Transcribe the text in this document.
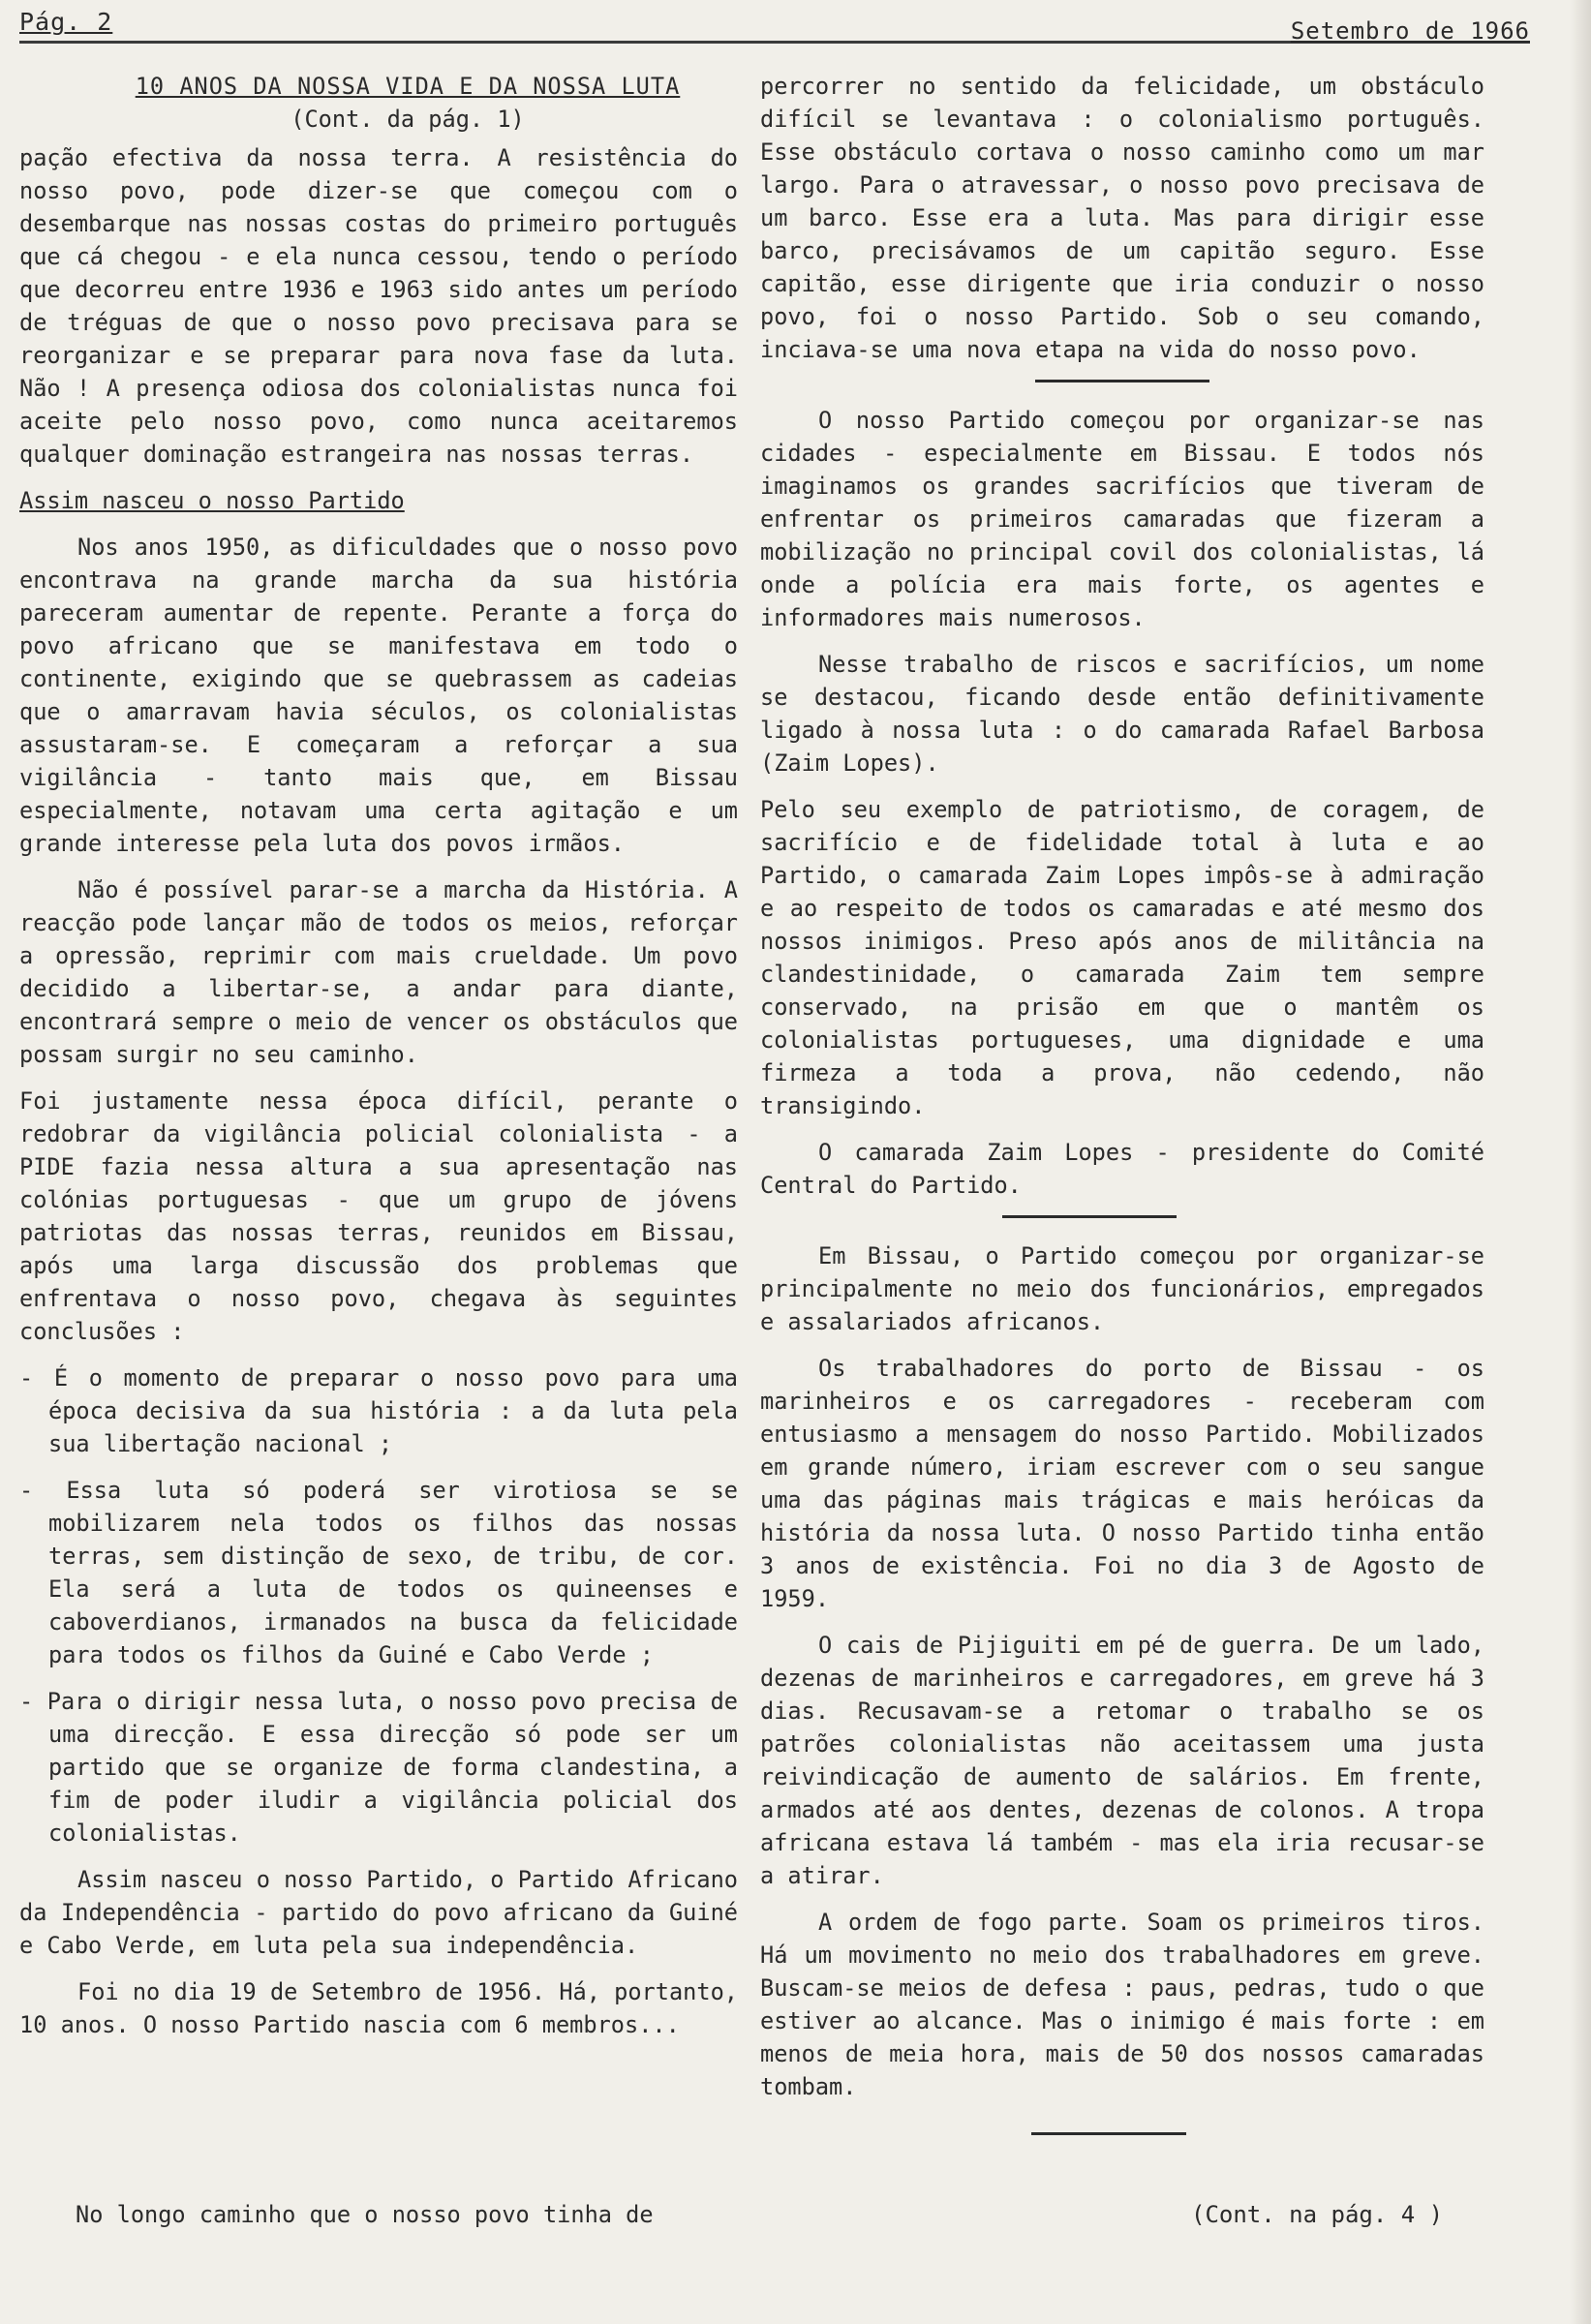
Pág. 2	Setembro de 1966
10 ANOS DA NOSSA VIDA E DA NOSSA LUTA
(Cont. da pág. 1)

pação efectiva da nossa terra. A resistência do nosso povo, pode dizer-se que começou com o desembarque nas nossas costas do primeiro português que cá chegou - e ela nunca cessou, tendo o período que decorreu entre 1936 e 1963 sido antes um período de tréguas de que o nosso povo precisava para se reorganizar e se preparar para nova fase da luta. Não ! A presença odiosa dos colonialistas nunca foi aceite pelo nosso povo, como nunca aceitaremos qualquer dominação estrangeira nas nossas terras.

Assim nasceu o nosso Partido

Nos anos 1950, as dificuldades que o nosso povo encontrava na grande marcha da sua história pareceram aumentar de repente. Perante a força do povo africano que se manifestava em todo o continente, exigindo que se quebrassem as cadeias que o amarravam havia séculos, os colonialistas assustaram-se. E começaram a reforçar a sua vigilância - tanto mais que, em Bissau especialmente, notavam uma certa agitação e um grande interesse pela luta dos povos irmãos.

Não é possível parar-se a marcha da História. A reacção pode lançar mão de todos os meios, reforçar a opressão, reprimir com mais crueldade. Um povo decidido a libertar-se, a andar para diante, encontrará sempre o meio de vencer os obstáculos que possam surgir no seu caminho.

Foi justamente nessa época difícil, perante o redobrar da vigilância policial colonialista - a PIDE fazia nessa altura a sua apresentação nas colónias portuguesas - que um grupo de jóvens patriotas das nossas terras, reunidos em Bissau, após uma larga discussão dos problemas que enfrentava o nosso povo, chegava às seguintes conclusões :

- É o momento de preparar o nosso povo para uma época decisiva da sua história : a da luta pela sua libertação nacional ;

- Essa luta só poderá ser virotiosa se se mobilizarem nela todos os filhos das nossas terras, sem distinção de sexo, de tribu, de cor. Ela será a luta de todos os quineenses e caboverdianos, irmanados na busca da felicidade para todos os filhos da Guiné e Cabo Verde ;

- Para o dirigir nessa luta, o nosso povo precisa de uma direcção. E essa direcção só pode ser um partido que se organize de forma clandestina, a fim de poder iludir a vigilância policial dos colonialistas.

Assim nasceu o nosso Partido, o Partido Africano da Independência - partido do povo africano da Guiné e Cabo Verde, em luta pela sua independência.

Foi no dia 19 de Setembro de 1956. Há, portanto, 10 anos. O nosso Partido nascia com 6 membros...

No longo caminho que o nosso povo tinha de

percorrer no sentido da felicidade, um obstáculo difícil se levantava : o colonialismo português. Esse obstáculo cortava o nosso caminho como um mar largo. Para o atravessar, o nosso povo precisava de um barco. Esse era a luta. Mas para dirigir esse barco, precisávamos de um capitão seguro. Esse capitão, esse dirigente que iria conduzir o nosso povo, foi o nosso Partido. Sob o seu comando, inciava-se uma nova etapa na vida do nosso povo.

O nosso Partido começou por organizar-se nas cidades - especialmente em Bissau. E todos nós imaginamos os grandes sacrifícios que tiveram de enfrentar os primeiros camaradas que fizeram a mobilização no principal covil dos colonialistas, lá onde a polícia era mais forte, os agentes e informadores mais numerosos.

Nesse trabalho de riscos e sacrifícios, um nome se destacou, ficando desde então definitivamente ligado à nossa luta : o do camarada Rafael Barbosa (Zaim Lopes).

Pelo seu exemplo de patriotismo, de coragem, de sacrifício e de fidelidade total à luta e ao Partido, o camarada Zaim Lopes impôs-se à admiração e ao respeito de todos os camaradas e até mesmo dos nossos inimigos. Preso após anos de militância na clandestinidade, o camarada Zaim tem sempre conservado, na prisão em que o mantêm os colonialistas portugueses, uma dignidade e uma firmeza a toda a prova, não cedendo, não transigindo.

O camarada Zaim Lopes - presidente do Comité Central do Partido.

Em Bissau, o Partido começou por organizar-se principalmente no meio dos funcionários, empregados e assalariados africanos.

Os trabalhadores do porto de Bissau - os marinheiros e os carregadores - receberam com entusiasmo a mensagem do nosso Partido. Mobilizados em grande número, iriam escrever com o seu sangue uma das páginas mais trágicas e mais heróicas da história da nossa luta. O nosso Partido tinha então 3 anos de existência. Foi no dia 3 de Agosto de 1959.

O cais de Pijiguiti em pé de guerra. De um lado, dezenas de marinheiros e carregadores, em greve há 3 dias. Recusavam-se a retomar o trabalho se os patrões colonialistas não aceitassem uma justa reivindicação de aumento de salários. Em frente, armados até aos dentes, dezenas de colonos. A tropa africana estava lá também - mas ela iria recusar-se a atirar.

A ordem de fogo parte. Soam os primeiros tiros. Há um movimento no meio dos trabalhadores em greve. Buscam-se meios de defesa : paus, pedras, tudo o que estiver ao alcance. Mas o inimigo é mais forte : em menos de meia hora, mais de 50 dos nossos camaradas tombam.

(Cont. na pág. 4 )
